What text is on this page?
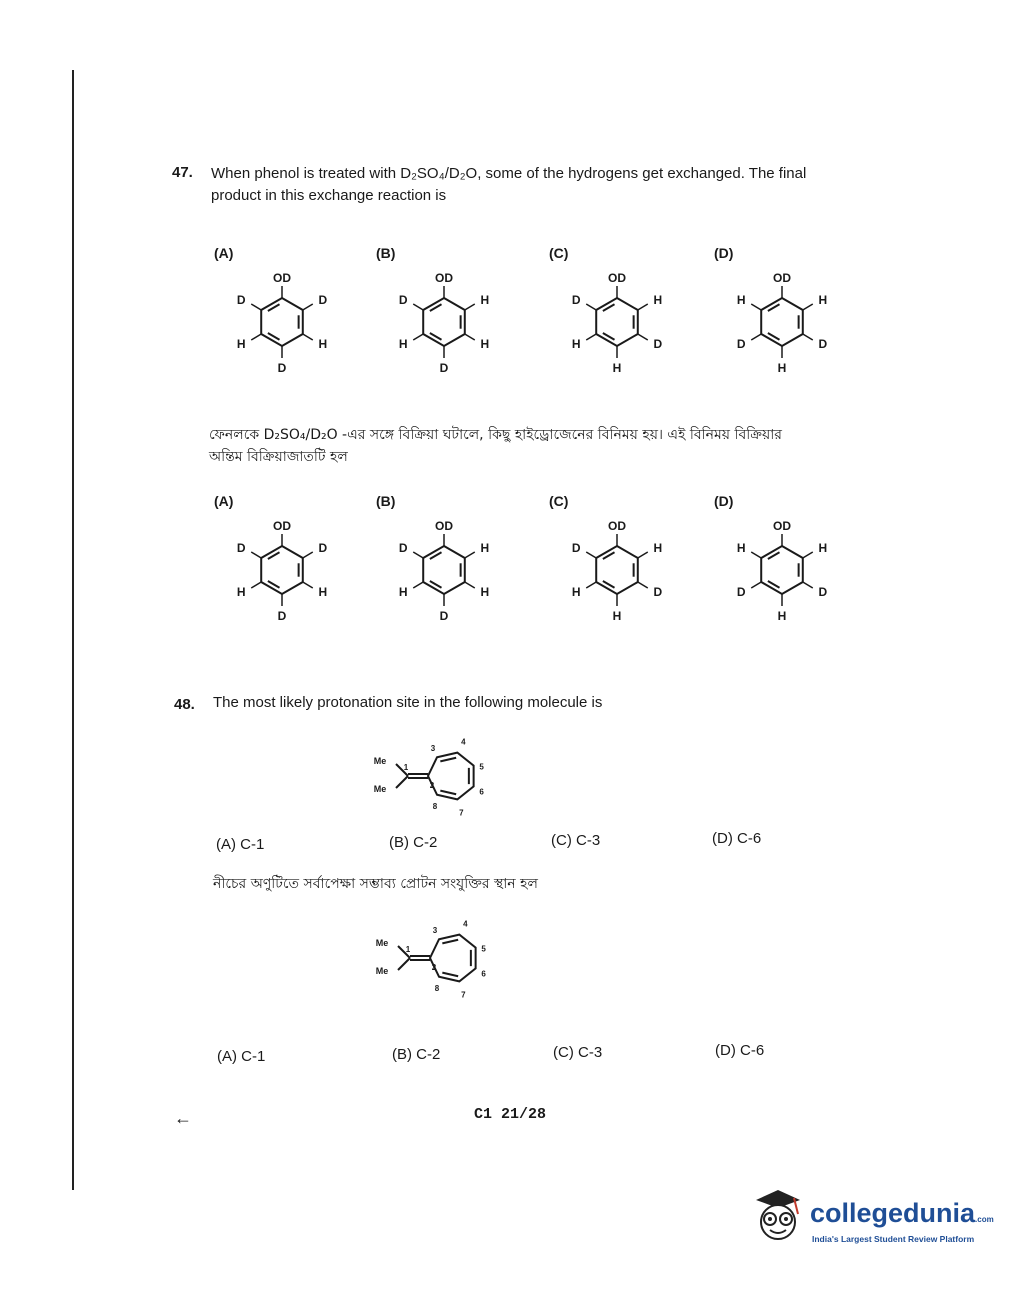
47. When phenol is treated with D₂SO₄/D₂O, some of the hydrogens get exchanged. The final
product in this exchange reaction is
(A)
OD
D
H
D
H
D
(B)
OD
H
H
D
H
D
(C)
OD
H
D
H
H
D
(D)
OD
H
D
H
D
H
ফেনলকে D₂SO₄/D₂O -এর সঙ্গে বিক্রিয়া ঘটালে, কিছু হাইড্রোজেনের বিনিময় হয়। এই বিনিময় বিক্রিয়ার
অন্তিম বিক্রিয়াজাতটি হল
(A)
OD
D
H
D
H
D
(B)
OD
H
H
D
H
D
(C)
OD
H
D
H
H
D
(D)
OD
H
D
H
D
H
48. The most likely protonation site in the following molecule is
Me
Me
1
2
3
4
5
6
7
8
(A) C-1	(B) C-2	(C) C-3	(D) C-6
নীচের অণুটিতে সর্বাপেক্ষা সম্ভাব্য প্রোটন সংযুক্তির স্থান হল
Me
Me
1
2
3
4
5
6
7
8
(A) C-1	(B) C-2	(C) C-3	(D) C-6
←	C1 21/28
collegedunia.com
India's Largest Student Review Platform
